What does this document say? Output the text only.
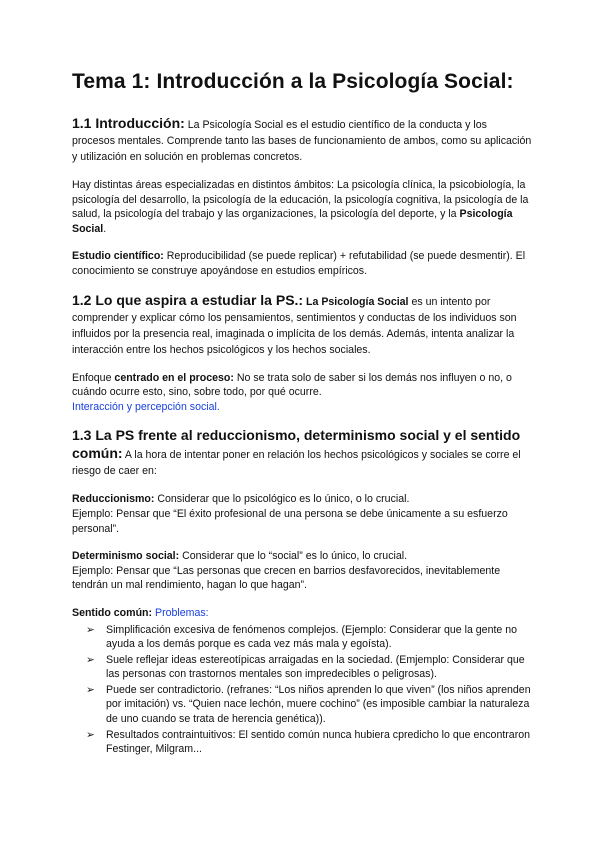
Tema 1: Introducción a la Psicología Social:

1.1 Introducción: La Psicología Social es el estudio científico de la conducta y los procesos mentales. Comprende tanto las bases de funcionamiento de ambos, como su aplicación y utilización en solución en problemas concretos.

Hay distintas áreas especializadas en distintos ámbitos: La psicología clínica, la psicobiología, la psicología del desarrollo, la psicología de la educación, la psicología cognitiva, la psicología de la salud, la psicología del trabajo y las organizaciones, la psicología del deporte, y la Psicología Social.

Estudio científico: Reproducibilidad (se puede replicar) + refutabilidad (se puede desmentir). El conocimiento se construye apoyándose en estudios empíricos.

1.2 Lo que aspira a estudiar la PS.: La Psicología Social es un intento por comprender y explicar cómo los pensamientos, sentimientos y conductas de los individuos son influidos por la presencia real, imaginada o implícita de los demás. Además, intenta analizar la interacción entre los hechos psicológicos y los hechos sociales.

Enfoque centrado en el proceso: No se trata solo de saber si los demás nos influyen o no, o cuándo ocurre esto, sino, sobre todo, por qué ocurre.
Interacción y percepción social.

1.3 La PS frente al reduccionismo, determinismo social y el sentido común: A la hora de intentar poner en relación los hechos psicológicos y sociales se corre el riesgo de caer en:

Reduccionismo: Considerar que lo psicológico es lo único, o lo crucial.
Ejemplo: Pensar que “El éxito profesional de una persona se debe únicamente a su esfuerzo personal”.

Determinismo social: Considerar que lo “social” es lo único, lo crucial.
Ejemplo: Pensar que “Las personas que crecen en barrios desfavorecidos, inevitablemente tendrán un mal rendimiento, hagan lo que hagan”.

Sentido común: Problemas:

➢ Simplificación excesiva de fenómenos complejos. (Ejemplo: Considerar que la gente no ayuda a los demás porque es cada vez más mala y egoísta).
➢ Suele reflejar ideas estereotípicas arraigadas en la sociedad. (Emjemplo: Considerar que las personas con trastornos mentales son impredecibles o peligrosas).
➢ Puede ser contradictorio. (refranes: “Los niños aprenden lo que viven” (los niños aprenden por imitación) vs. “Quien nace lechón, muere cochino” (es imposible cambiar la naturaleza de uno cuando se trata de herencia genética)).
➢ Resultados contraintuitivos: El sentido común nunca hubiera cpredicho lo que encontraron Festinger, Milgram...
